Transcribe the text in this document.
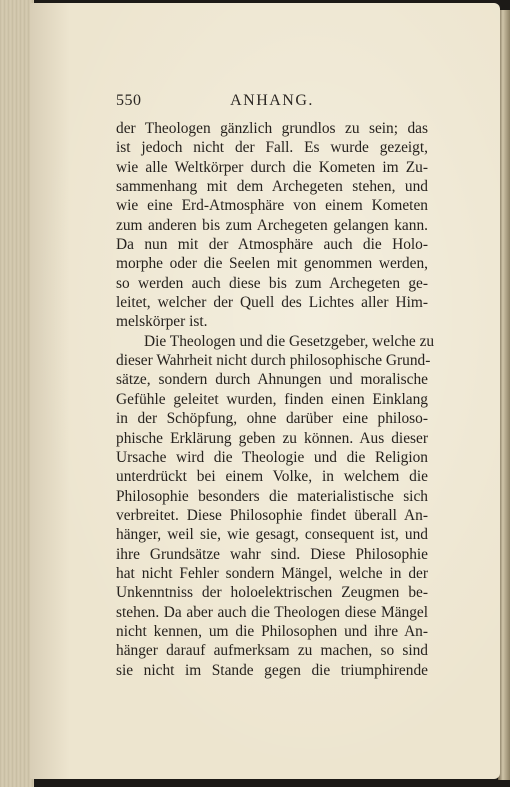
550	ANHANG.
der Theologen gänzlich grundlos zu sein; das
ist jedoch nicht der Fall. Es wurde gezeigt,
wie alle Weltkörper durch die Kometen im Zu-
sammenhang mit dem Archegeten stehen, und
wie eine Erd-Atmosphäre von einem Kometen
zum anderen bis zum Archegeten gelangen kann.
Da nun mit der Atmosphäre auch die Holo-
morphe oder die Seelen mit genommen werden,
so werden auch diese bis zum Archegeten ge-
leitet, welcher der Quell des Lichtes aller Him-
melskörper ist.
Die Theologen und die Gesetzgeber, welche zu
dieser Wahrheit nicht durch philosophische Grund-
sätze, sondern durch Ahnungen und moralische
Gefühle geleitet wurden, finden einen Einklang
in der Schöpfung, ohne darüber eine philoso-
phische Erklärung geben zu können. Aus dieser
Ursache wird die Theologie und die Religion
unterdrückt bei einem Volke, in welchem die
Philosophie besonders die materialistische sich
verbreitet. Diese Philosophie findet überall An-
hänger, weil sie, wie gesagt, consequent ist, und
ihre Grundsätze wahr sind. Diese Philosophie
hat nicht Fehler sondern Mängel, welche in der
Unkenntniss der holoelektrischen Zeugmen be-
stehen. Da aber auch die Theologen diese Mängel
nicht kennen, um die Philosophen und ihre An-
hänger darauf aufmerksam zu machen, so sind
sie nicht im Stande gegen die triumphirende
